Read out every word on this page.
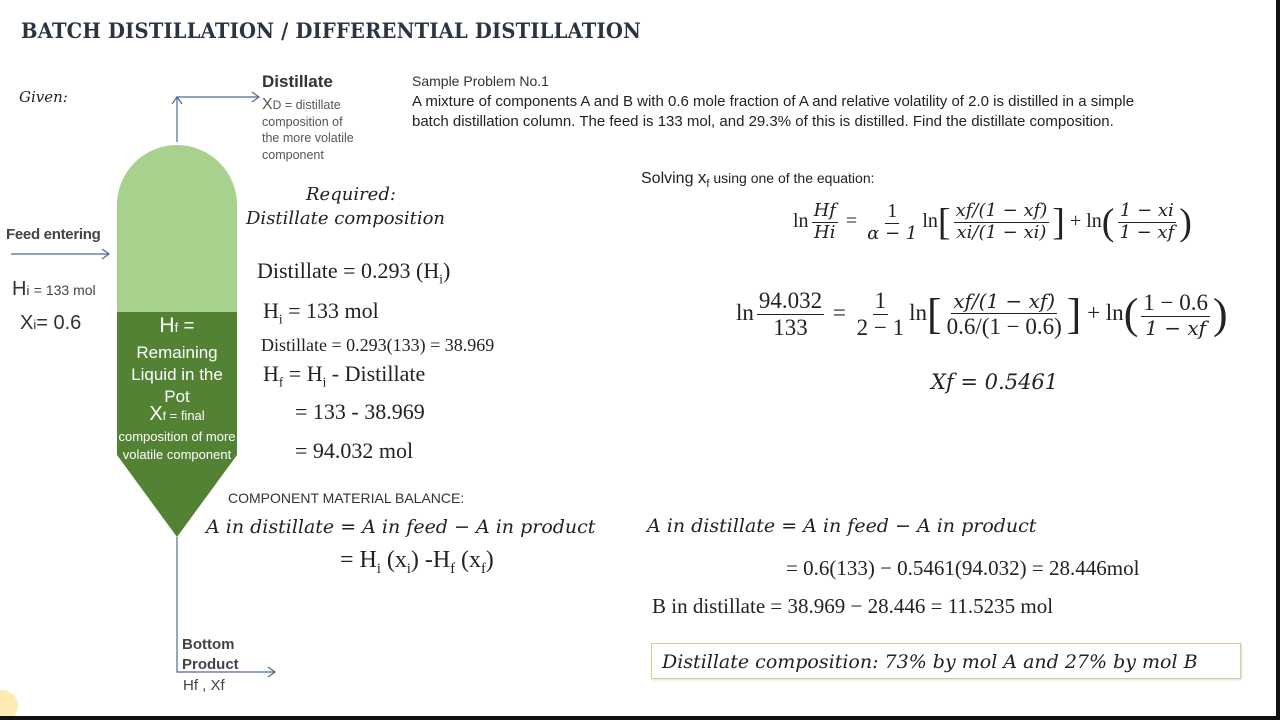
BATCH DISTILLATION / DIFFERENTIAL DISTILLATION
Given:
Distillate
XD = distillate
composition of
the more volatile
component
Feed entering
Hi = 133 mol
Xi= 0.6	Hf =
Remaining Liquid in the Pot
Xf = final
composition of more volatile component
Bottom Product
Hf , Xf
Required:
Distillate composition
Distillate = 0.293 $(H_i)$
$H_i = 133$ mol
Distillate = 0.293(133) = 38.969
$H_f = H_i$ - Distillate
= 133 - 38.969
= 94.032 mol
COMPONENT MATERIAL BALANCE:
A in distillate = A in feed − A in product
= $H_i$ $(x_i)$ $-H_f$ $(x_f)$
Sample Problem No.1
A mixture of components A and B with 0.6 mole fraction of A and relative volatility of 2.0 is distilled in a simple
batch distillation column. The feed is 133 mol, and 29.3% of this is distilled. Find the distillate composition.
Solving $x_f$ using one of the equation:
$\ln \frac{Hf}{Hi} = \frac{1}{\alpha - 1} \ln[ \frac{xf/(1 - xf)}{xi/(1 - xi)}$ ] + $\ln( \frac{1 - xi}{1 - xf}$ )
$\ln \frac{94.032}{133} = \frac{1}{2 - 1} \ln[ \frac{xf/(1 - xf)}{0.6/(1 - 0.6)}$ ] + $\ln( \frac{1 - 0.6}{1 - xf}$ )
Xf = 0.5461
A in distillate = A in feed − A in product
= 0.6(133) − 0.5461(94.032) = 28.446mol
B in distillate = 38.969 − 28.446 = 11.5235 mol
Distillate composition: 73% by mol A and 27% by mol B
